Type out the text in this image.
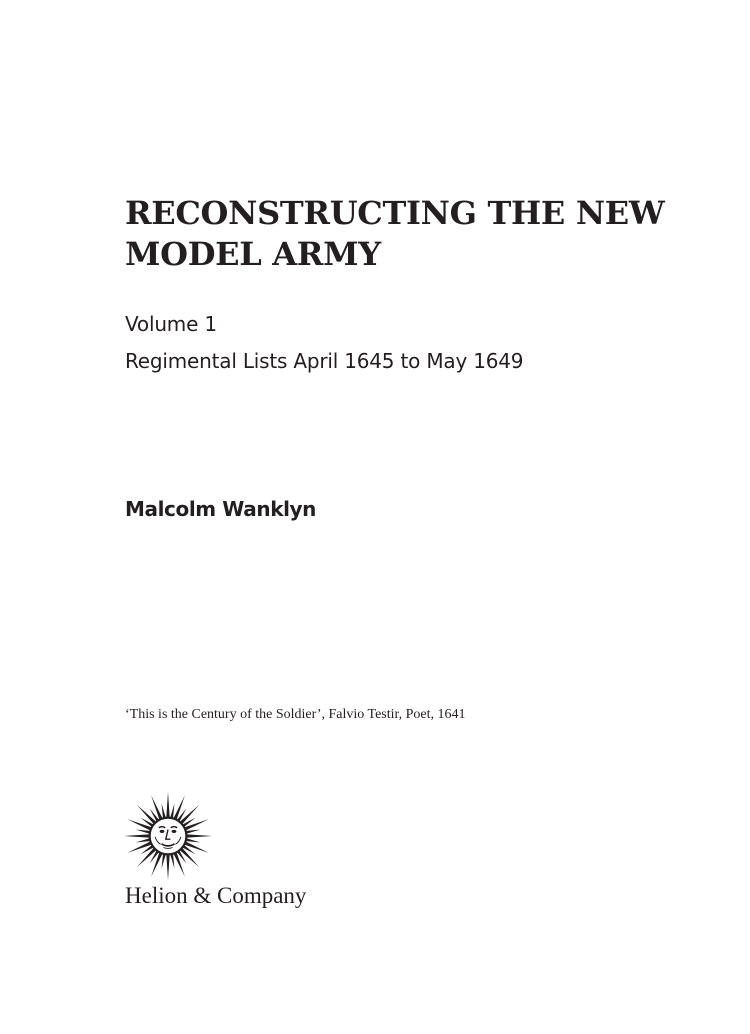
RECONSTRUCTING THE NEW MODEL ARMY

Volume 1

Regimental Lists April 1645 to May 1649

Malcolm Wanklyn

‘This is the Century of the Soldier’, Falvio Testir, Poet, 1641

Helion & Company
